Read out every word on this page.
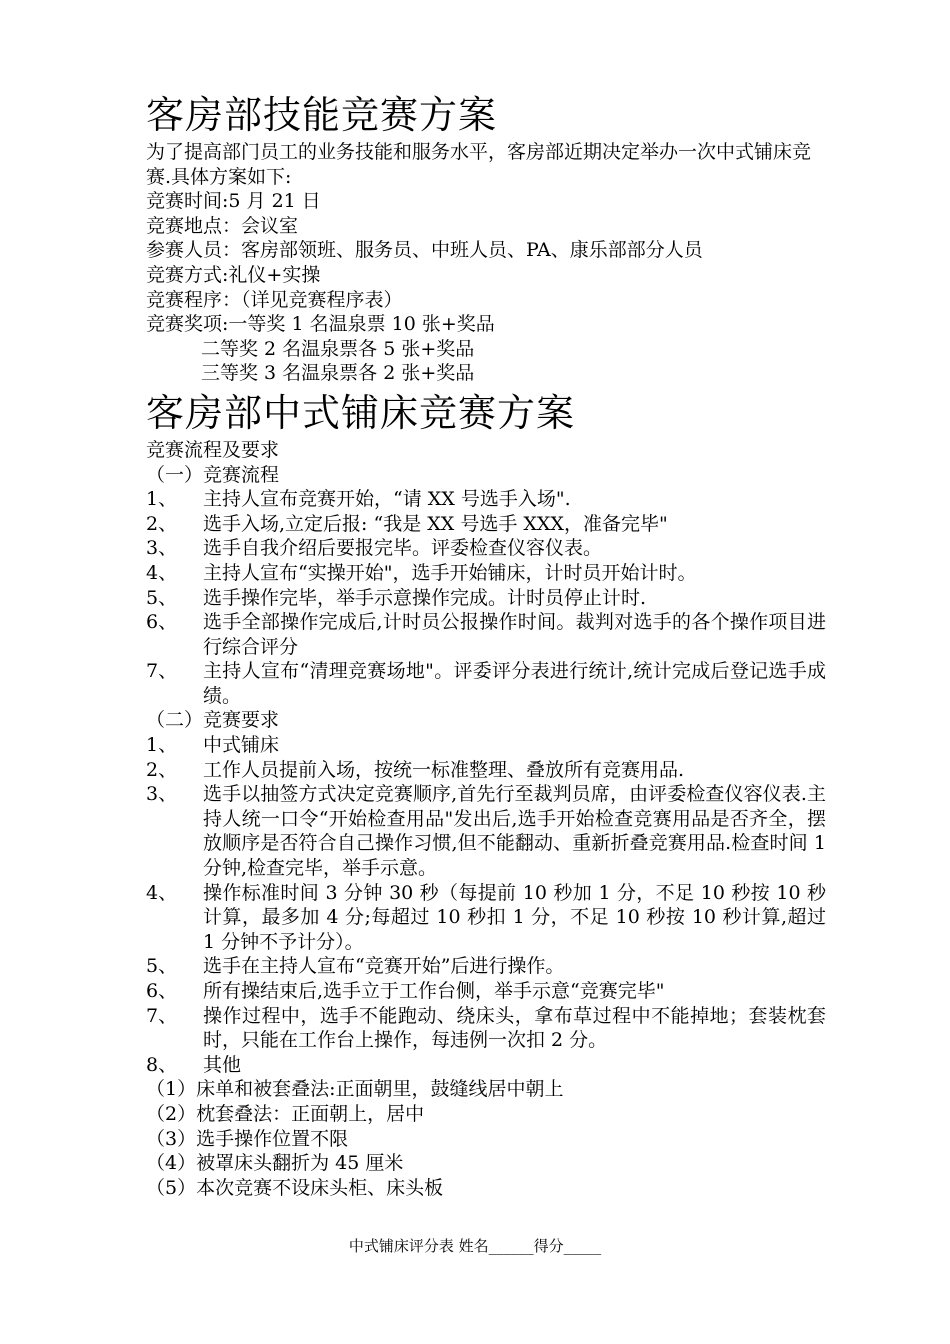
客房部技能竞赛方案
为了提高部门员工的业务技能和服务水平，客房部近期决定举办一次中式铺床竞赛.具体方案如下:
竞赛时间:5 月 21 日
竞赛地点：会议室
参赛人员：客房部领班、服务员、中班人员、PA、康乐部部分人员
竞赛方式:礼仪+实操
竞赛程序：（详见竞赛程序表）
竞赛奖项:一等奖 1 名温泉票 10 张+奖品
二等奖 2 名温泉票各 5 张+奖品
三等奖 3 名温泉票各 2 张+奖品
客房部中式铺床竞赛方案
竞赛流程及要求
（一）竞赛流程
1、	主持人宣布竞赛开始，“请 XX 号选手入场".
2、	选手入场,立定后报: “我是 XX 号选手 XXX，准备完毕"
3、	选手自我介绍后要报完毕。评委检查仪容仪表。
4、	主持人宣布“实操开始"，选手开始铺床，计时员开始计时。
5、	选手操作完毕，举手示意操作完成。计时员停止计时.
6、	选手全部操作完成后,计时员公报操作时间。裁判对选手的各个操作项目进行综合评分
7、	主持人宣布“清理竞赛场地"。评委评分表进行统计,统计完成后登记选手成绩。
（二）竞赛要求
1、	中式铺床
2、	工作人员提前入场，按统一标准整理、叠放所有竞赛用品.
3、	选手以抽签方式决定竞赛顺序,首先行至裁判员席，由评委检查仪容仪表.主持人统一口令“开始检查用品"发出后,选手开始检查竞赛用品是否齐全，摆放顺序是否符合自己操作习惯,但不能翻动、重新折叠竞赛用品.检查时间 1 分钟,检查完毕，举手示意。
4、	操作标准时间 3 分钟 30 秒（每提前 10 秒加 1 分，不足 10 秒按 10 秒计算，最多加 4 分;每超过 10 秒扣 1 分，不足 10 秒按 10 秒计算,超过 1 分钟不予计分）。
5、	选手在主持人宣布“竞赛开始”后进行操作。
6、	所有操结束后,选手立于工作台侧，举手示意“竞赛完毕"
7、	操作过程中，选手不能跑动、绕床头，拿布草过程中不能掉地；套装枕套时，只能在工作台上操作，每违例一次扣 2 分。
8、	其他
（1）床单和被套叠法:正面朝里，鼓缝线居中朝上
（2）枕套叠法：正面朝上，居中
（3）选手操作位置不限
（4）被罩床头翻折为 45 厘米
（5）本次竞赛不设床头柜、床头板
中式铺床评分表 姓名______得分_____
